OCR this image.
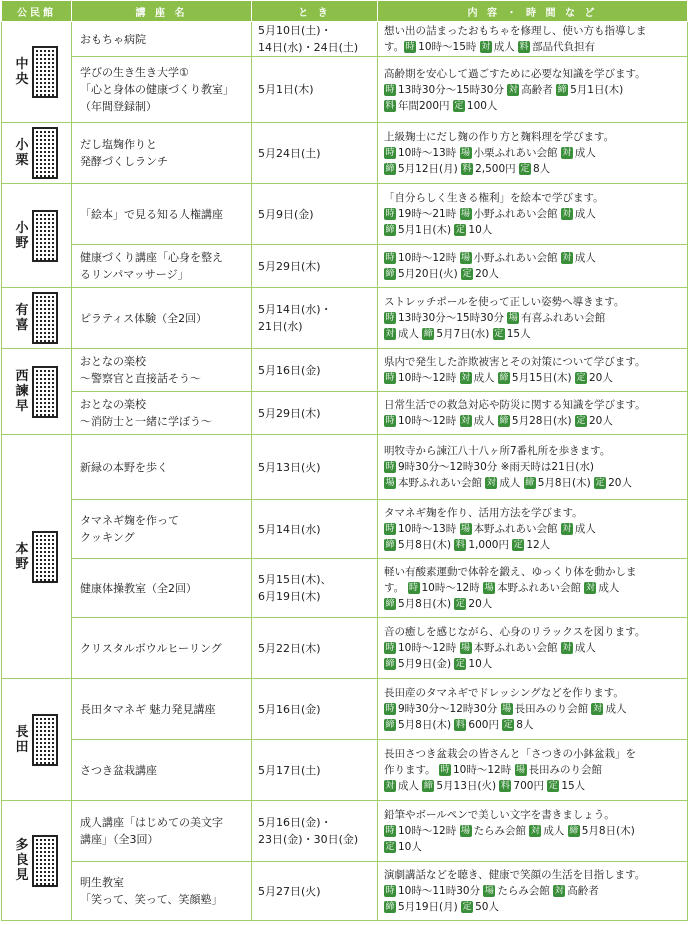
公民館	講 座 名	と き	内 容 ・ 時 間 な ど

中
央	おもちゃ病院	5月10日(土)・
14日(水)・24日(土)	想い出の詰まったおもちゃを修理し、使い方も指導しま
す。時 10時～15時 対 成人 料 部品代負担有

	学びの生き生き大学①
「心と身体の健康づくり教室」
（年間登録制）	5月1日(木)	高齢期を安心して過ごすために必要な知識を学びます。
時 13時30分～15時30分 対 高齢者 締 5月1日(木)
料 年間200円 定 100人

小
栗	だし塩麹作りと
発酵づくしランチ	5月24日(土)	上級麹士にだし麹の作り方と麹料理を学びます。
時 10時～13時 場 小栗ふれあい会館 対 成人
締 5月12日(月) 料 2,500円 定 8人

小
野	「絵本」で見る知る人権講座	5月9日(金)	「自分らしく生きる権利」を絵本で学びます。
時 19時～21時 場 小野ふれあい会館 対 成人
締 5月1日(木) 定 10人

	健康づくり講座「心身を整え
るリンパマッサージ」	5月29日(木)	時 10時～12時 場 小野ふれあい会館 対 成人
締 5月20日(火) 定 20人

有
喜	ピラティス体験（全2回）	5月14日(水)・
21日(水)	ストレッチポールを使って正しい姿勢へ導きます。
時 13時30分～15時30分 場 有喜ふれあい会館
対 成人 締 5月7日(水) 定 15人

西
諫
早	おとなの楽校
～警察官と直接話そう～	5月16日(金)	県内で発生した詐欺被害とその対策について学びます。
時 10時～12時 対 成人 締 5月15日(木) 定 20人

	おとなの楽校
～消防士と一緒に学ぼう～	5月29日(木)	日常生活での救急対応や防災に関する知識を学びます。
時 10時～12時 対 成人 締 5月28日(水) 定 20人

本
野	新緑の本野を歩く	5月13日(火)	明牧寺から諫江八十八ヶ所7番札所を歩きます。
時 9時30分～12時30分 ※雨天時は21日(水)
場 本野ふれあい会館 対 成人 締 5月8日(木) 定 20人

	タマネギ麹を作って
クッキング	5月14日(水)	タマネギ麹を作り、活用方法を学びます。
時 10時～13時 場 本野ふれあい会館 対 成人
締 5月8日(木) 料 1,000円 定 12人

	健康体操教室（全2回）	5月15日(木)、
6月19日(木)	軽い有酸素運動で体幹を鍛え、ゆっくり体を動かしま
す。 時 10時～12時 場 本野ふれあい会館 対 成人
締 5月8日(木) 定 20人

	クリスタルボウルヒーリング	5月22日(木)	音の癒しを感じながら、心身のリラックスを図ります。
時 10時～12時 場 本野ふれあい会館 対 成人
締 5月9日(金) 定 10人

長
田	長田タマネギ 魅力発見講座	5月16日(金)	長田産のタマネギでドレッシングなどを作ります。
時 9時30分～12時30分 場 長田みのり会館 対 成人
締 5月8日(木) 料 600円 定 8人

	さつき盆栽講座	5月17日(土)	長田さつき盆栽会の皆さんと「さつきの小鉢盆栽」を
作ります。 時 10時～12時 場 長田みのり会館
対 成人 締 5月13日(火) 料 700円 定 15人

多
良
見	成人講座「はじめての美文字
講座」（全3回）	5月16日(金)・
23日(金)・30日(金)	鉛筆やボールペンで美しい文字を書きましょう。
時 10時～12時 場 たらみ会館 対 成人 締 5月8日(木)
定 10人

	明生教室
「笑って、笑って、笑顔塾」	5月27日(火)	演劇講話などを聴き、健康で笑顔の生活を目指します。
時 10時～11時30分 場 たらみ会館 対 高齢者
締 5月19日(月) 定 50人
